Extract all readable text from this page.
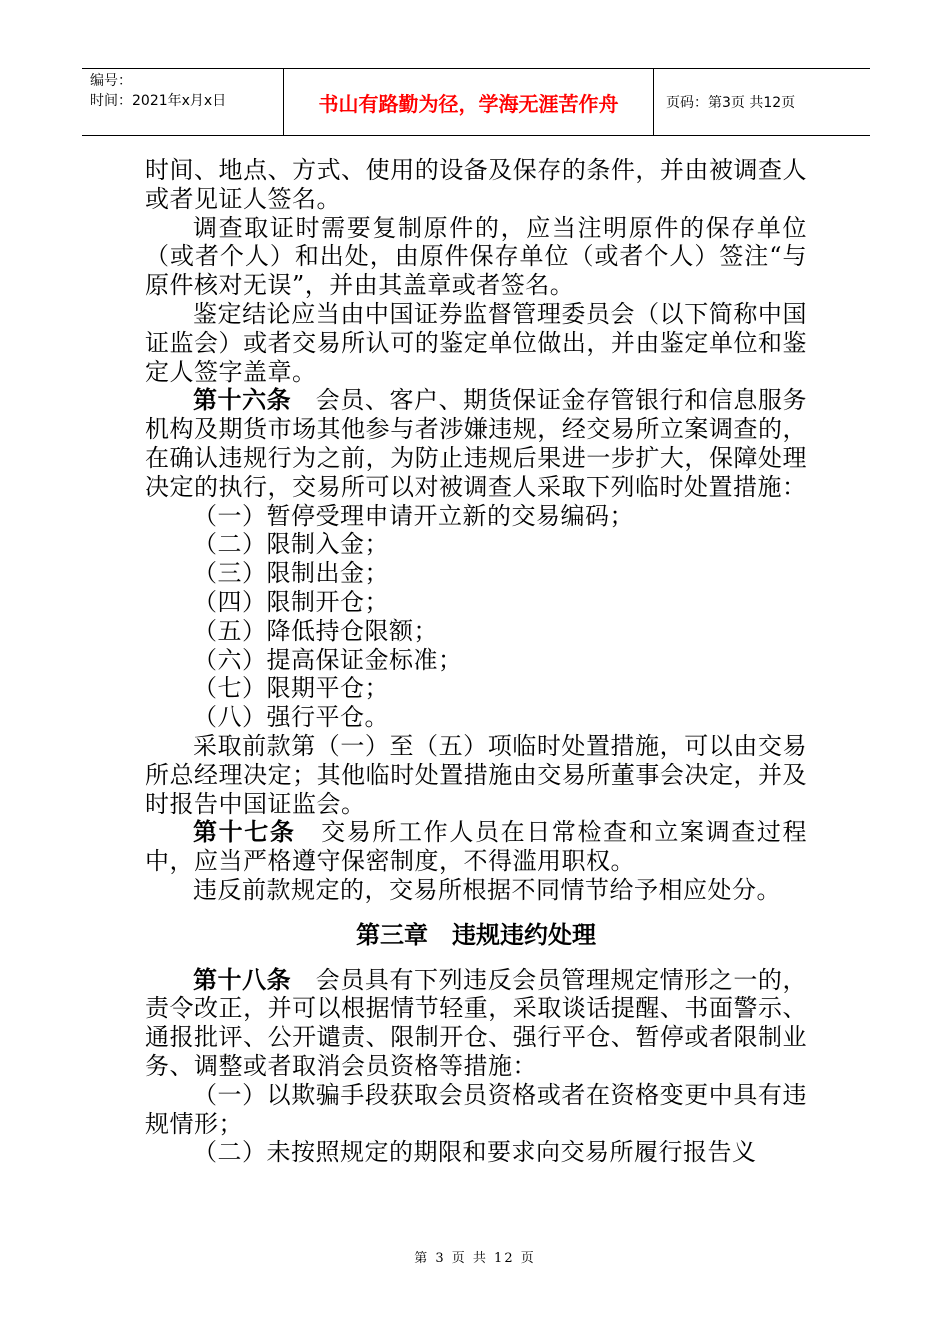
编号：
时间：2021年x月x日	书山有路勤为径，学海无涯苦作舟	页码：第3页 共12页

时间、地点、方式、使用的设备及保存的条件，并由被调查人或者见证人签名。

调查取证时需要复制原件的，应当注明原件的保存单位（或者个人）和出处，由原件保存单位（或者个人）签注“与原件核对无误”，并由其盖章或者签名。

鉴定结论应当由中国证券监督管理委员会（以下简称中国证监会）或者交易所认可的鉴定单位做出，并由鉴定单位和鉴定人签字盖章。

第十六条　会员、客户、期货保证金存管银行和信息服务机构及期货市场其他参与者涉嫌违规，经交易所立案调查的，在确认违规行为之前，为防止违规后果进一步扩大，保障处理决定的执行，交易所可以对被调查人采取下列临时处置措施：

（一）暂停受理申请开立新的交易编码；

（二）限制入金；

（三）限制出金；

（四）限制开仓；

（五）降低持仓限额；

（六）提高保证金标准；

（七）限期平仓；

（八）强行平仓。

采取前款第（一）至（五）项临时处置措施，可以由交易所总经理决定；其他临时处置措施由交易所董事会决定，并及时报告中国证监会。

第十七条　交易所工作人员在日常检查和立案调查过程中，应当严格遵守保密制度，不得滥用职权。

违反前款规定的，交易所根据不同情节给予相应处分。

第三章　违规违约处理

第十八条　会员具有下列违反会员管理规定情形之一的，责令改正，并可以根据情节轻重，采取谈话提醒、书面警示、通报批评、公开谴责、限制开仓、强行平仓、暂停或者限制业务、调整或者取消会员资格等措施：

（一）以欺骗手段获取会员资格或者在资格变更中具有违规情形；

（二）未按照规定的期限和要求向交易所履行报告义

第 3 页 共 12 页
